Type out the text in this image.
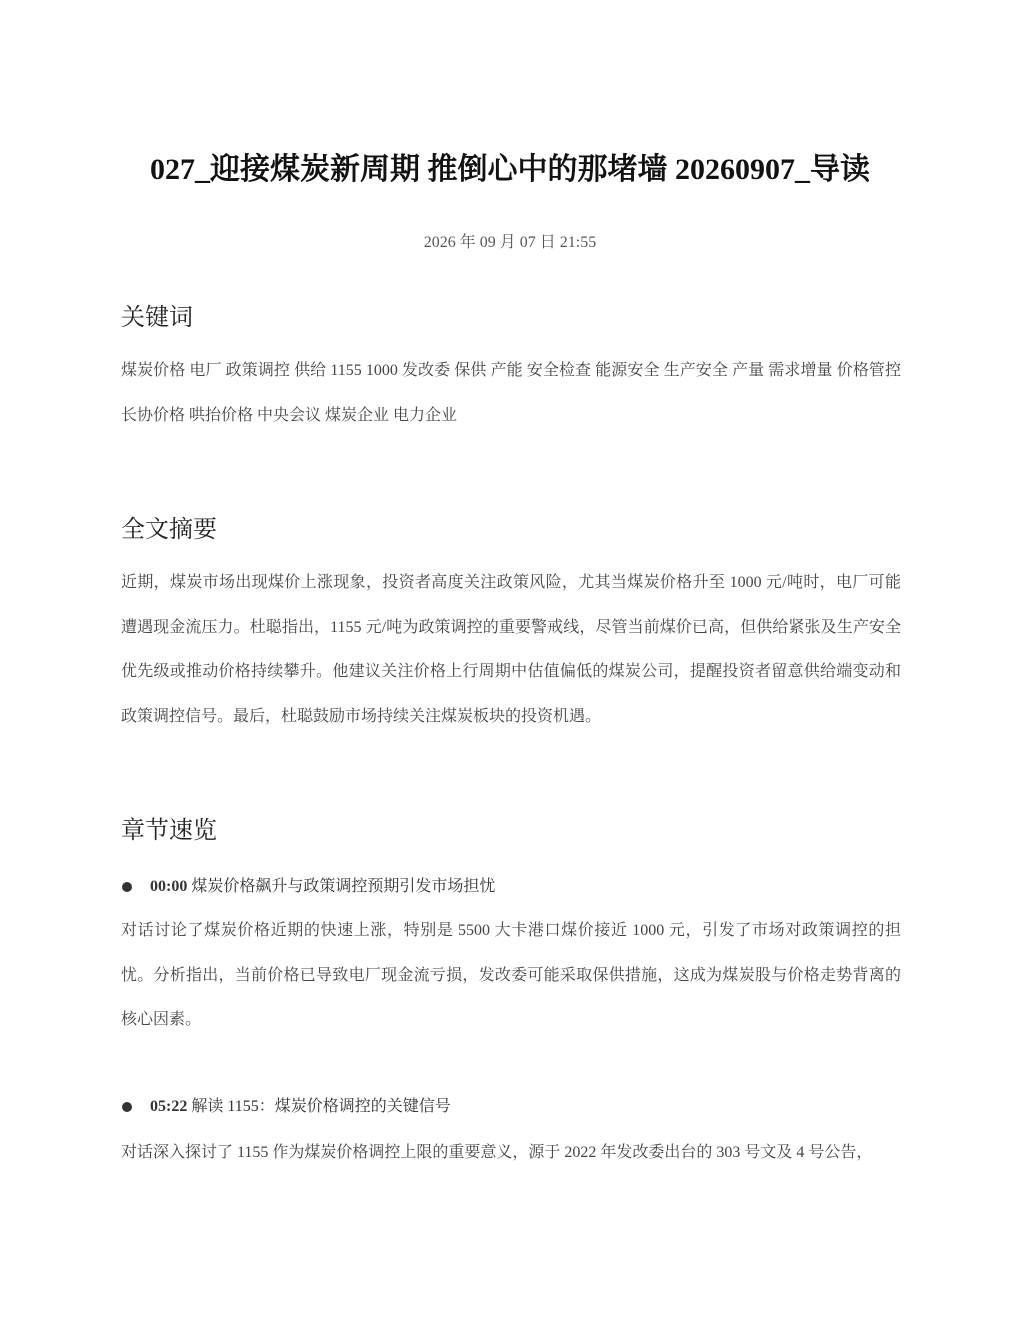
027_迎接煤炭新周期 推倒心中的那堵墙 20260907_导读
2026 年 09 月 07 日 21:55
关键词

煤炭价格 电厂 政策调控 供给 1155 1000 发改委 保供 产能 安全检查 能源安全 生产安全 产量 需求增量 价格管控 长协价格 哄抬价格 中央会议 煤炭企业 电力企业

全文摘要

近期，煤炭市场出现煤价上涨现象，投资者高度关注政策风险，尤其当煤炭价格升至 1000 元/吨时，电厂可能遭遇现金流压力。杜聪指出，1155 元/吨为政策调控的重要警戒线，尽管当前煤价已高，但供给紧张及生产安全优先级或推动价格持续攀升。他建议关注价格上行周期中估值偏低的煤炭公司，提醒投资者留意供给端变动和政策调控信号。最后，杜聪鼓励市场持续关注煤炭板块的投资机遇。

章节速览
00:00 煤炭价格飙升与政策调控预期引发市场担忧

对话讨论了煤炭价格近期的快速上涨，特别是 5500 大卡港口煤价接近 1000 元，引发了市场对政策调控的担忧。分析指出，当前价格已导致电厂现金流亏损，发改委可能采取保供措施，这成为煤炭股与价格走势背离的核心因素。

05:22 解读 1155：煤炭价格调控的关键信号

对话深入探讨了 1155 作为煤炭价格调控上限的重要意义，源于 2022 年发改委出台的 303 号文及 4 号公告，
